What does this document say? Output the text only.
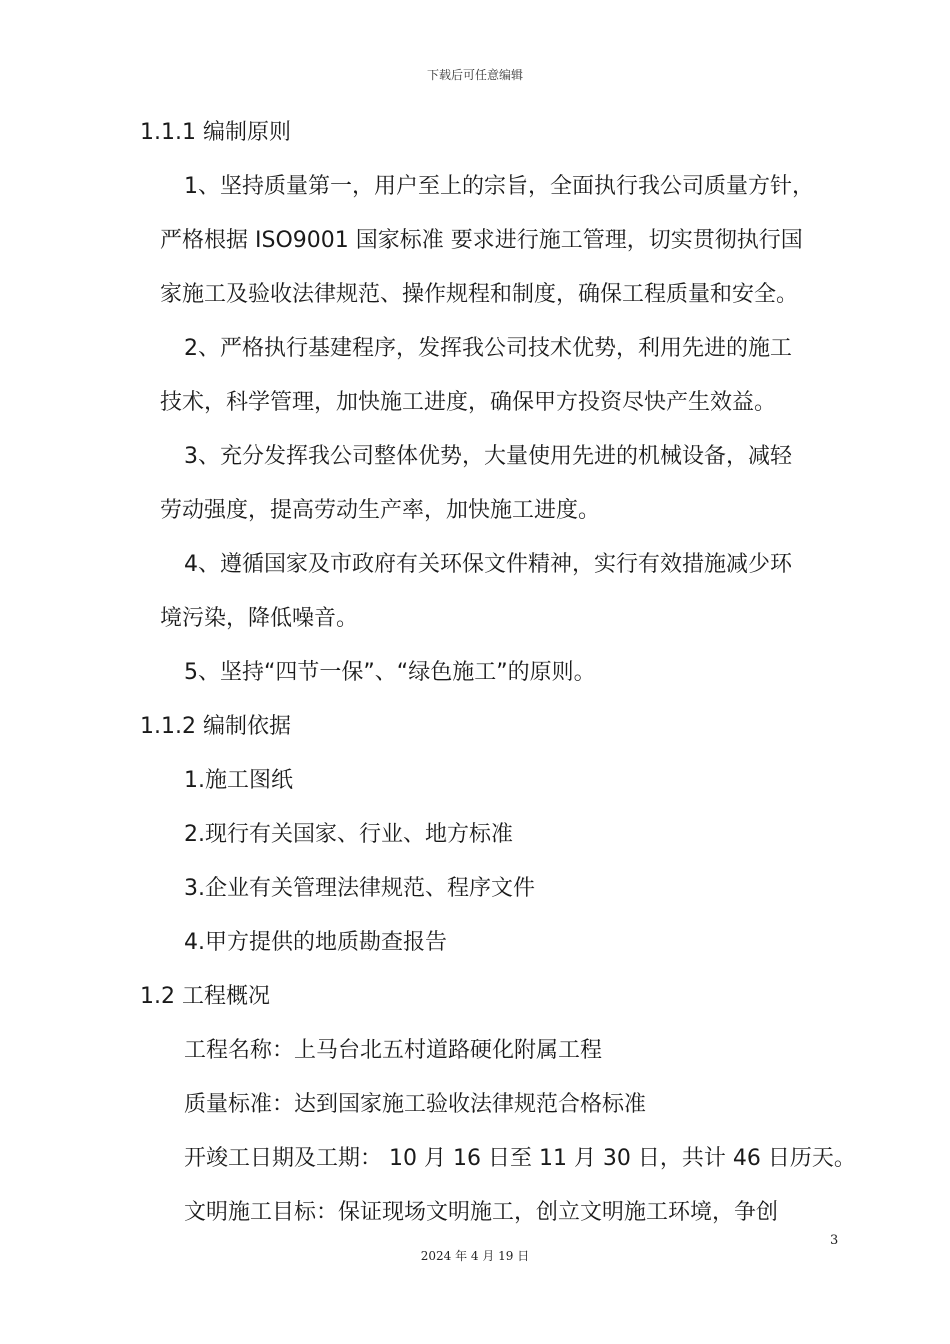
下载后可任意编辑
1.1.1 编制原则
1、坚持质量第一，用户至上的宗旨，全面执行我公司质量方针，
严格根据 ISO9001 国家标准 要求进行施工管理，切实贯彻执行国
家施工及验收法律规范、操作规程和制度，确保工程质量和安全。
2、严格执行基建程序，发挥我公司技术优势，利用先进的施工
技术，科学管理，加快施工进度，确保甲方投资尽快产生效益。
3、充分发挥我公司整体优势，大量使用先进的机械设备，减轻
劳动强度，提高劳动生产率，加快施工进度。
4、遵循国家及市政府有关环保文件精神，实行有效措施减少环
境污染，降低噪音。
5、坚持“四节一保”、“绿色施工”的原则。
1.1.2 编制依据
1.施工图纸
2.现行有关国家、行业、地方标准
3.企业有关管理法律规范、程序文件
4.甲方提供的地质勘查报告
1.2 工程概况
工程名称：上马台北五村道路硬化附属工程
质量标准：达到国家施工验收法律规范合格标准
开竣工日期及工期： 10 月 16 日至 11 月 30 日，共计 46 日历天。
文明施工目标：保证现场文明施工，创立文明施工环境，争创
3
2024 年 4 月 19 日
